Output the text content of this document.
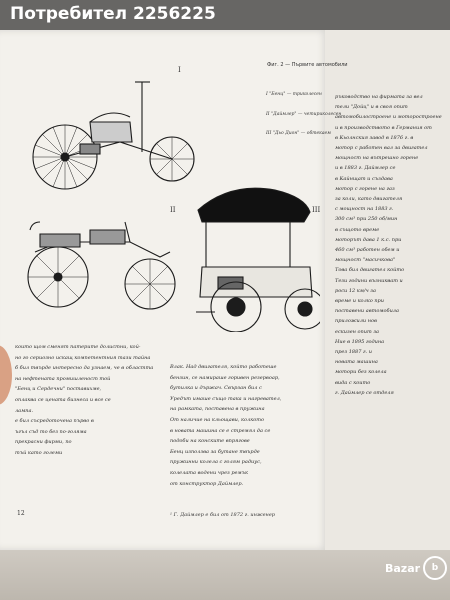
I
II	III
Фиг. 2 — Първите автомобили
I "Бенц" — триколесен
II "Даймлер" — четириколесен
III "Дьо Дион" — обтекаем
които щом сменят патерите долистни, кой-
но го сериозно искащ компетентния тази тайна
б бил твърде интересно да узнаем, че в областта
на нефтената промишленост той
"Бенц и Сердечни" поставихме,
оплаква се цената бизнеса и все се
лампа.
е бил съсредоточена първо в
ъгъл съд то без по-голяма
прекрасни фирми, по
тъй като големи
Влак. Над двигателя, който работеше
бензин, се намираше горивен резервоар,
бутилка и държач. Свързан бил с
Уредът имаше също така и нагревател,
на рамката, поставена в пружина
От наличие на кльощави, колкото
в новата машина се е стремял да се
подоби на конските впрягове
Бенц използва за бутане твърде
пружинни колела с голям радиус,
колелата водени чрез ремък
от конструктор Даймлер.
ръководство на фирмата за вел
тели "Дойц" и в своя опит
автомобилостроене и моторостроене
и в производството в Германия от
в Кьолнския завод в 1876 г. в
мотор с работен вал за двигател
мощност на вътрешно горене
и в 1883 г. Даймлер се
в Кайнщат и създава
мотор с горене на газ
за коли, като двигателя
с мощност на 1883 г.
300 см³ при 250 об/мин
в същото време
моторът дава 1 к.с. при
460 см³ работен обем и
мощност "масичкова"
Това бил двигател който
Тези години възникват и
роси 12 км/ч за
време и колко при
поставени автомобила
приложили нов
ескизен опит за
Ние в 1895 година
през 1887 г. и
новата машина
мотори без колела
вида с които
г. Даймлер се отделя
12	¹ Г. Даймлер е бил от 1872 г. инженер
Потребител 2256225
Bazar	b
